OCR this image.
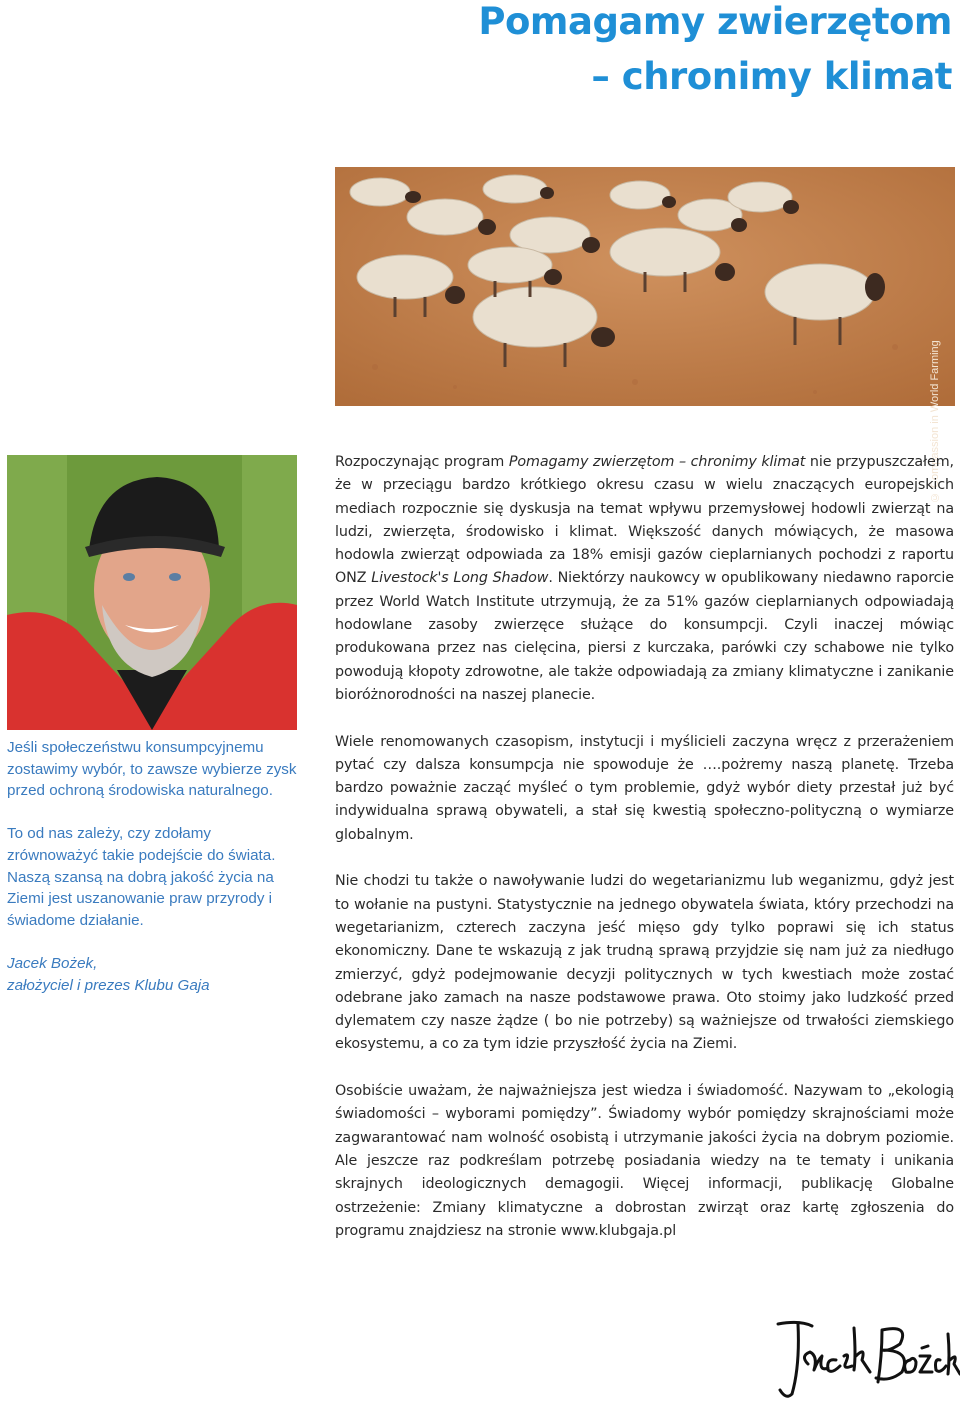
Pomagamy zwierzętom
– chronimy klimat
© Compassion in World Farming

Jeśli społeczeństwu konsumpcyjnemu zostawimy wybór, to zawsze wybierze zysk przed ochroną środowiska naturalnego.

To od nas zależy, czy zdołamy zrównoważyć takie podejście do świata. Naszą szansą na dobrą jakość życia na Ziemi jest uszanowanie praw przyrody i świadome działanie.

Jacek Bożek,
założyciel i prezes Klubu Gaja

Rozpoczynając program Pomagamy zwierzętom – chronimy klimat nie przypuszczałem, że w przeciągu bardzo krótkiego okresu czasu w wielu znaczących europejskich mediach rozpocznie się dyskusja na temat wpływu przemysłowej hodowli zwierząt na ludzi, zwierzęta, środowisko i klimat. Większość danych mówiących, że masowa hodowla zwierząt odpowiada za 18% emisji gazów cieplarnianych pochodzi z raportu ONZ Livestock's Long Shadow. Niektórzy naukowcy w opublikowany niedawno raporcie przez World Watch Institute utrzymują, że za 51% gazów cieplarnianych odpowiadają hodowlane zasoby zwierzęce służące do konsumpcji. Czyli inaczej mówiąc produkowana przez nas cielęcina, piersi z kurczaka, parówki czy schabowe nie tylko powodują kłopoty zdrowotne, ale także odpowiadają za zmiany klimatyczne i zanikanie bioróżnorodności na naszej planecie.

Wiele renomowanych czasopism, instytucji i myślicieli zaczyna wręcz z przerażeniem pytać czy dalsza konsumpcja nie spowoduje że ….pożremy naszą planetę. Trzeba bardzo poważnie zacząć myśleć o tym problemie, gdyż wybór diety przestał już być indywidualna sprawą obywateli, a stał się kwestią społeczno-polityczną o wymiarze globalnym.

Nie chodzi tu także o nawoływanie ludzi do wegetarianizmu lub weganizmu, gdyż jest to wołanie na pustyni. Statystycznie na jednego obywatela świata, który przechodzi na wegetarianizm, czterech zaczyna jeść mięso gdy tylko poprawi się ich status ekonomiczny. Dane te wskazują z jak trudną sprawą przyjdzie się nam już za niedługo zmierzyć, gdyż podejmowanie decyzji politycznych w tych kwestiach może zostać odebrane jako zamach na nasze podstawowe prawa. Oto stoimy jako ludzkość przed dylematem czy nasze żądze ( bo nie potrzeby) są ważniejsze od trwałości ziemskiego ekosystemu, a co za tym idzie przyszłość życia na Ziemi.

Osobiście uważam, że najważniejsza jest wiedza i świadomość. Nazywam to „ekologią świadomości – wyborami pomiędzy”. Świadomy wybór pomiędzy skrajnościami może zagwarantować nam wolność osobistą i utrzymanie jakości życia na dobrym poziomie. Ale jeszcze raz podkreślam potrzebę posiadania wiedzy na te tematy i unikania skrajnych ideologicznych demagogii. Więcej informacji, publikację Globalne ostrzeżenie: Zmiany klimatyczne a dobrostan zwirząt oraz kartę zgłoszenia do programu znajdziesz na stronie www.klubgaja.pl
